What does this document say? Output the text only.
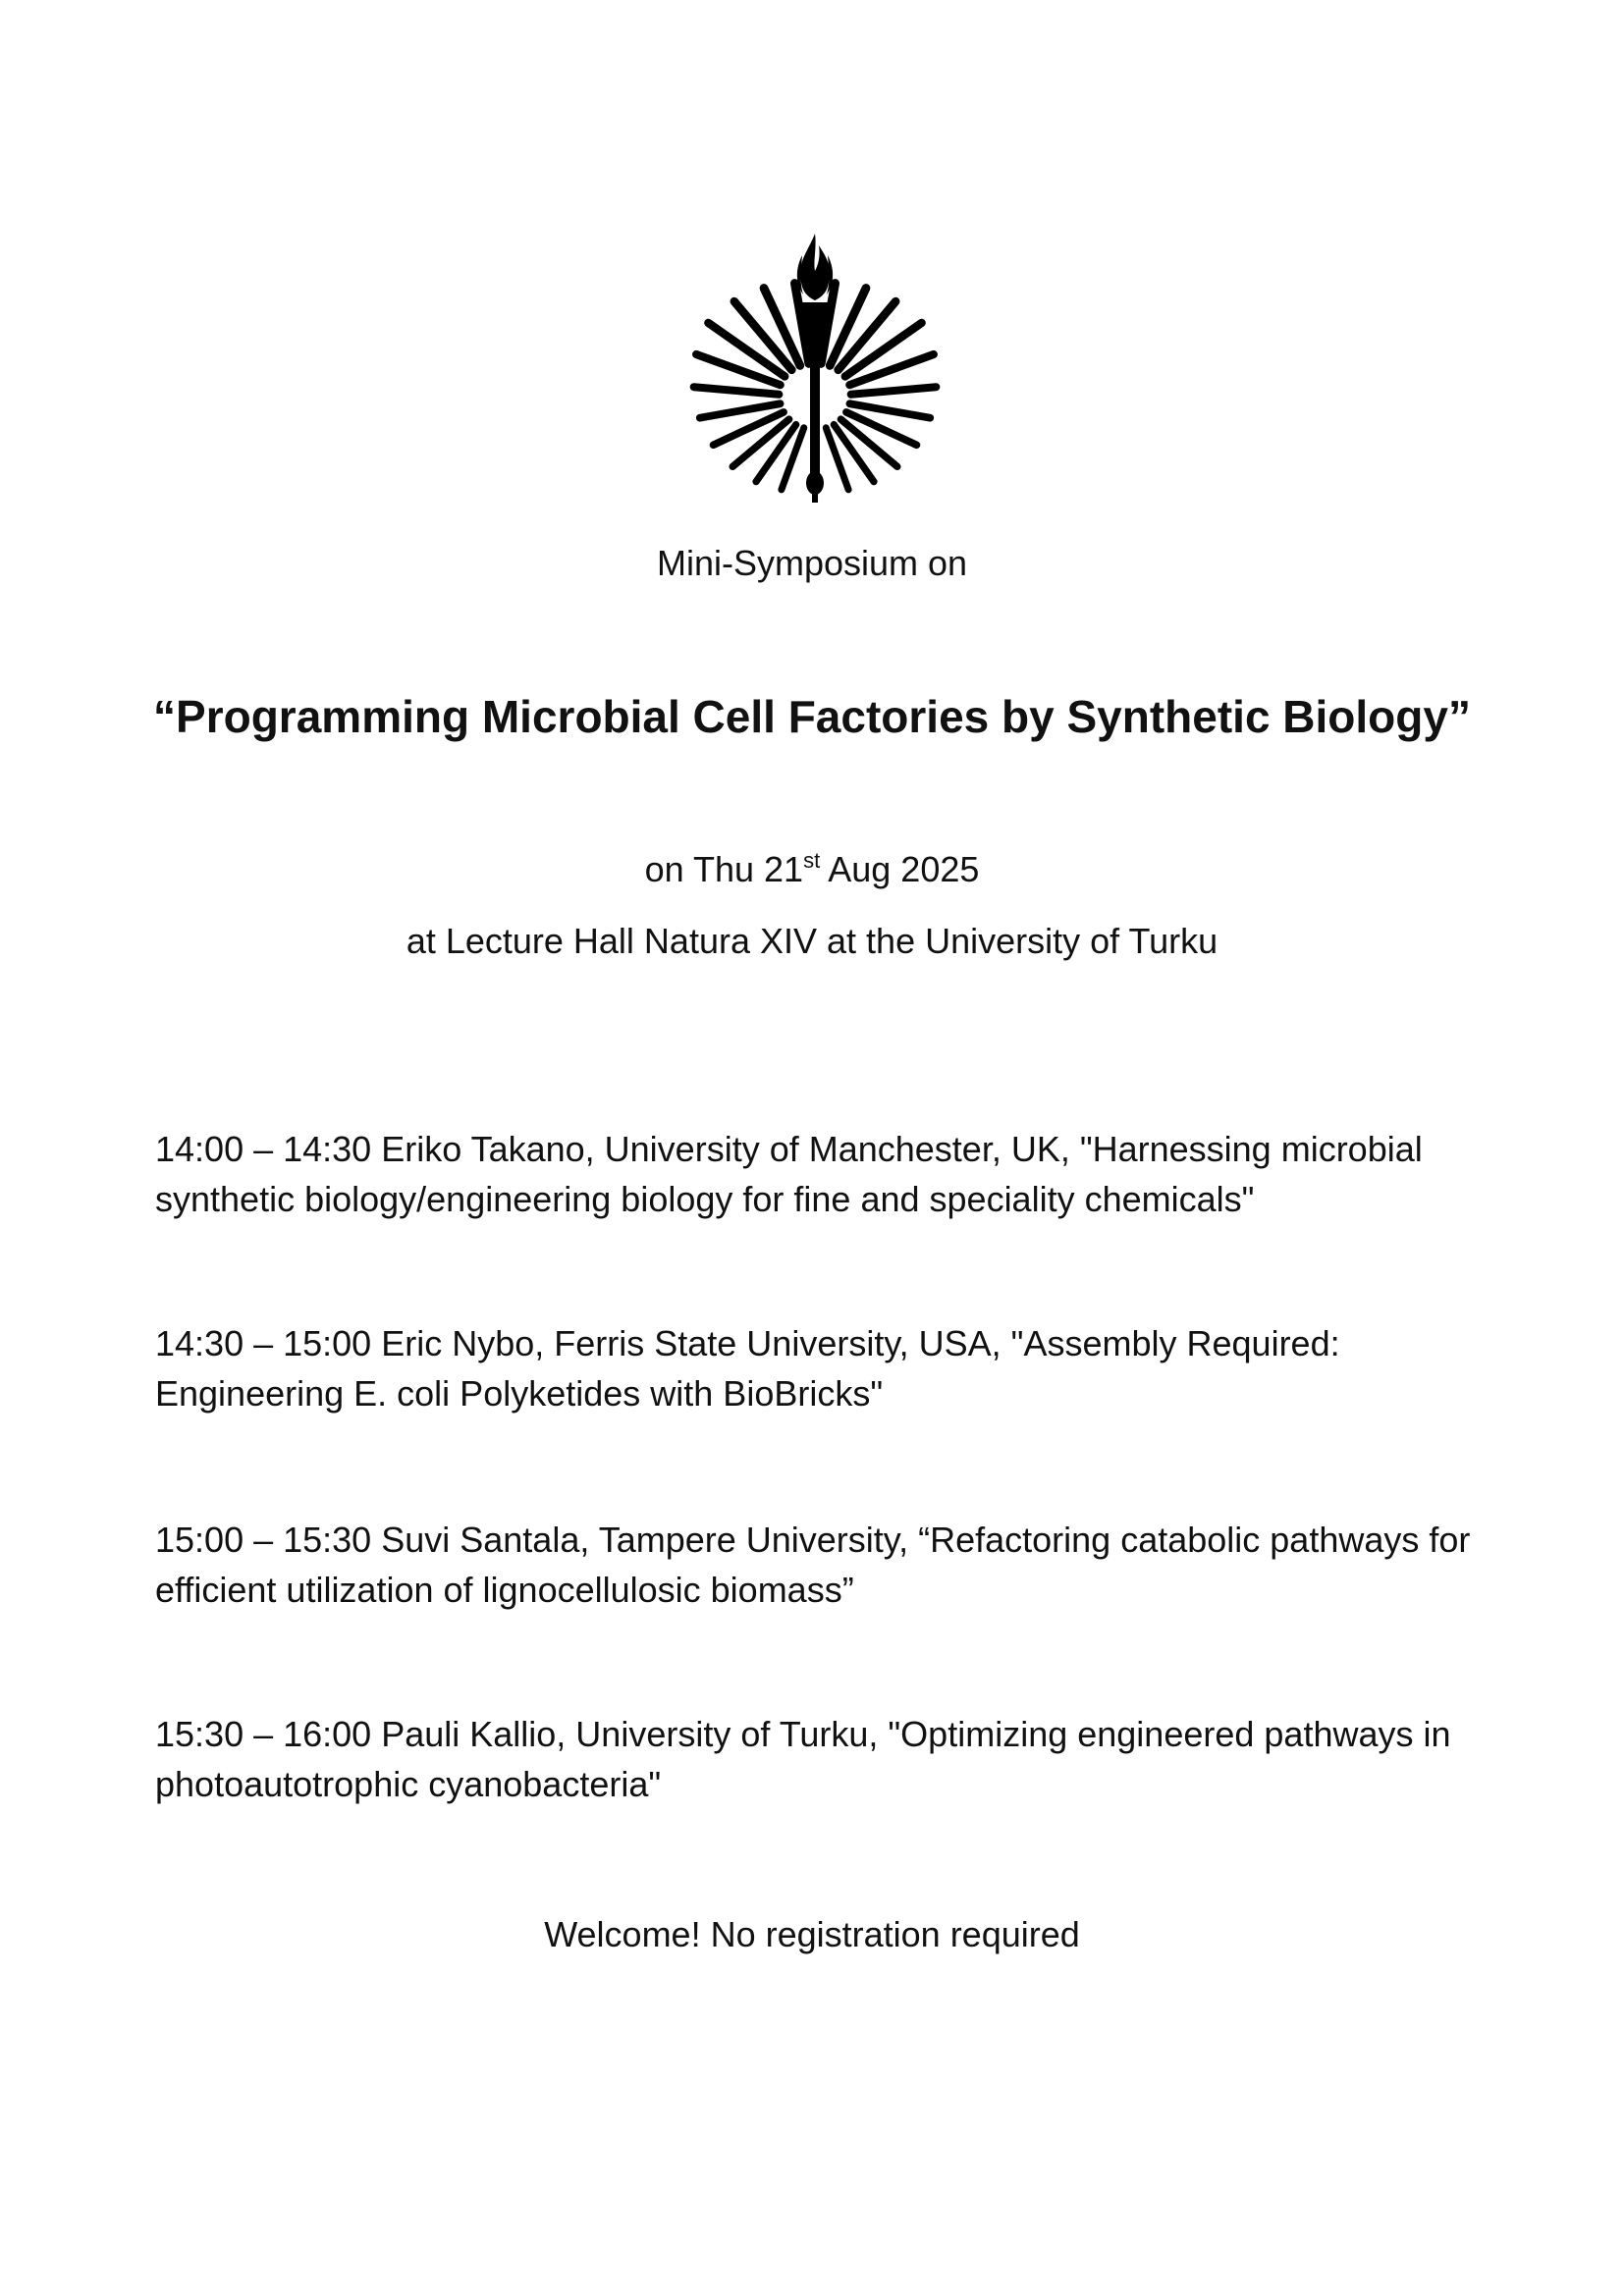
Mini-Symposium on
“Programming Microbial Cell Factories by Synthetic Biology”
on Thu 21st Aug 2025
at Lecture Hall Natura XIV at the University of Turku

14:00 – 14:30 Eriko Takano, University of Manchester, UK, "Harnessing microbial synthetic biology/engineering biology for fine and speciality chemicals"

14:30 – 15:00 Eric Nybo, Ferris State University, USA, "Assembly Required: Engineering E. coli Polyketides with BioBricks"

15:00 – 15:30 Suvi Santala, Tampere University, “Refactoring catabolic pathways for efficient utilization of lignocellulosic biomass”

15:30 – 16:00 Pauli Kallio, University of Turku, "Optimizing engineered pathways in photoautotrophic cyanobacteria"

Welcome! No registration required
